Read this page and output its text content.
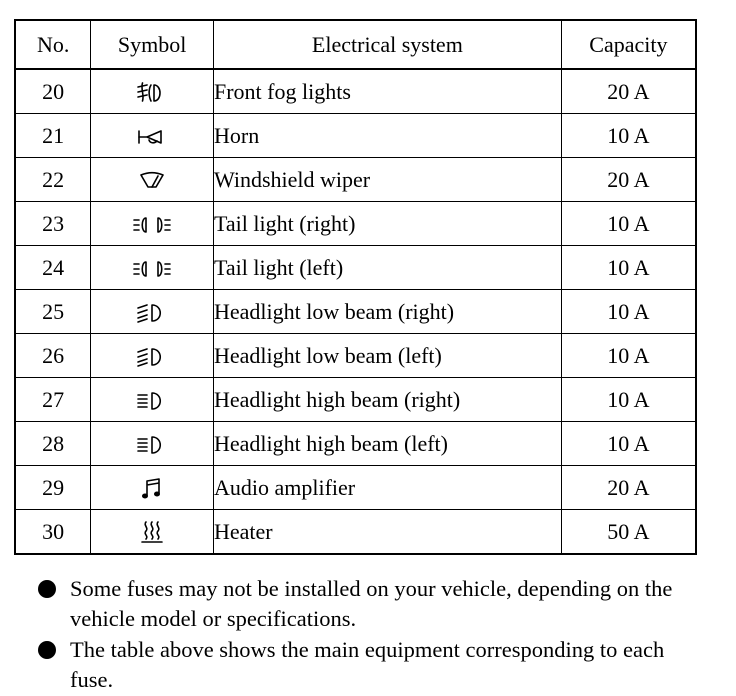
No.	Symbol	Electrical system	Capacity
20		Front fog lights	20 A
21		Horn	10 A
22		Windshield wiper	20 A
23		Tail light (right)	10 A
24		Tail light (left)	10 A
25		Headlight low beam (right)	10 A
26		Headlight low beam (left)	10 A
27		Headlight high beam (right)	10 A
28		Headlight high beam (left)	10 A
29		Audio amplifier	20 A
30		Heater	50 A
Some fuses may not be installed on your vehicle, depending on the vehicle model or specifications.
The table above shows the main equipment corresponding to each fuse.
